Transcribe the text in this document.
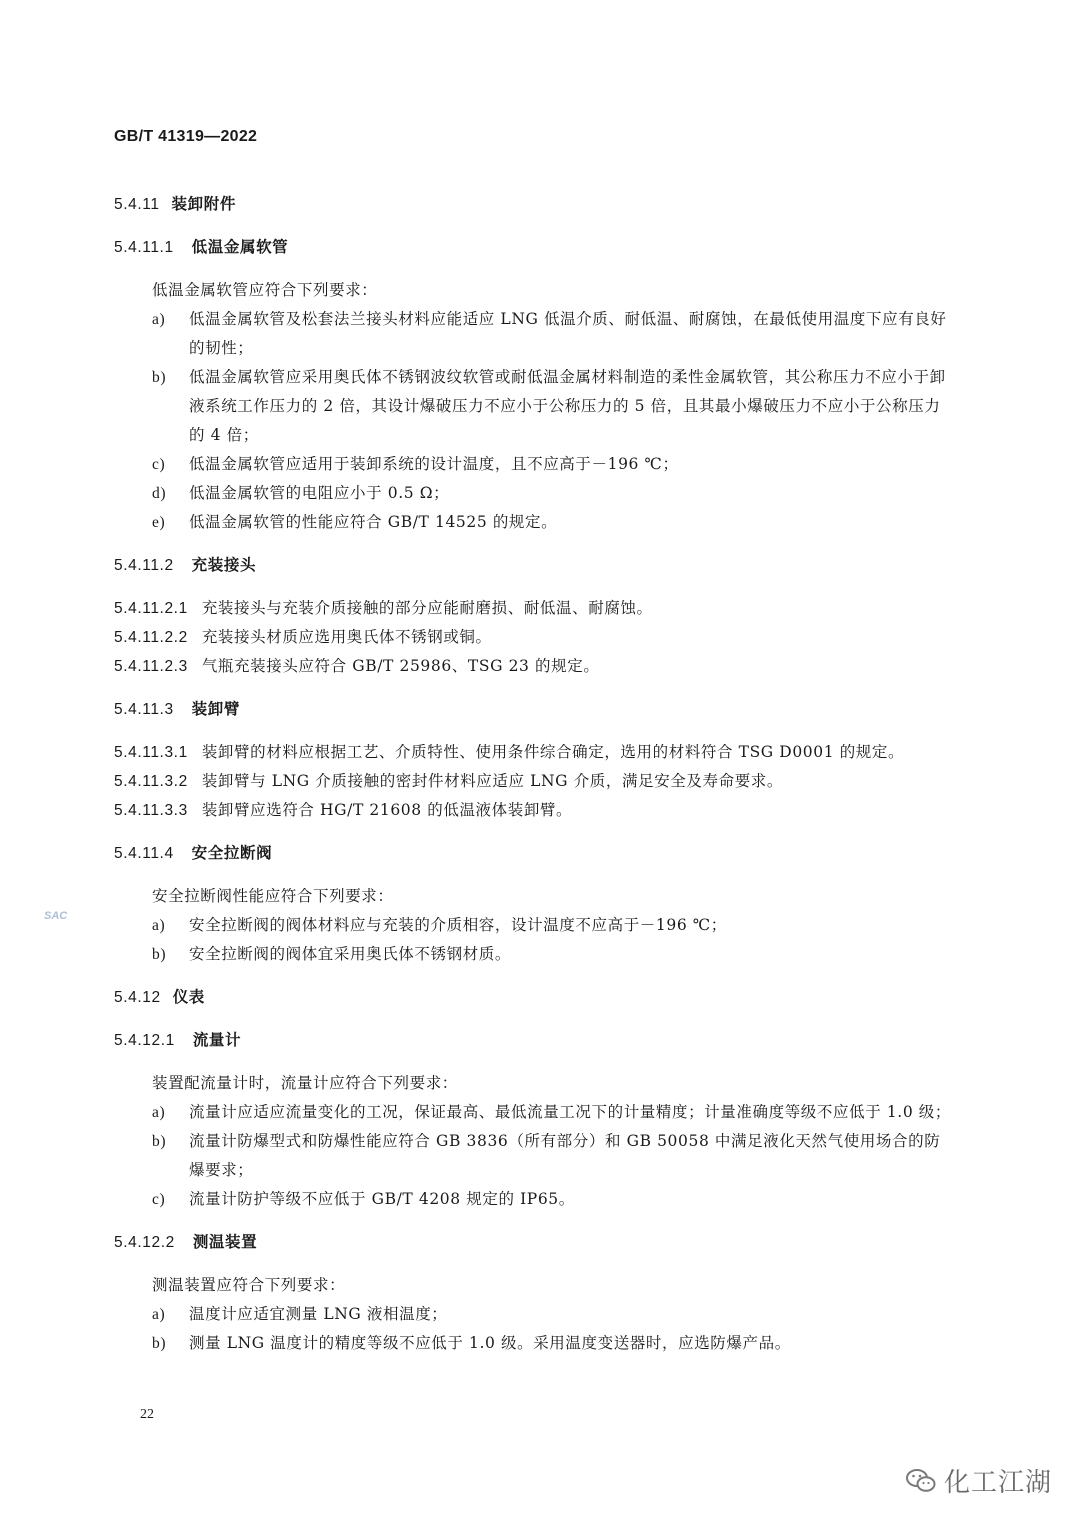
GB/T 41319—2022
SAC
5.4.11 装卸附件
5.4.11.1 低温金属软管

低温金属软管应符合下列要求：

a) 低温金属软管及松套法兰接头材料应能适应 LNG 低温介质、耐低温、耐腐蚀，在最低使用温度下应有良好的韧性；

b) 低温金属软管应采用奥氏体不锈钢波纹软管或耐低温金属材料制造的柔性金属软管，其公称压力不应小于卸液系统工作压力的 2 倍，其设计爆破压力不应小于公称压力的 5 倍，且其最小爆破压力不应小于公称压力的 4 倍；

c) 低温金属软管应适用于装卸系统的设计温度，且不应高于－196 ℃；

d) 低温金属软管的电阻应小于 0.5 Ω；

e) 低温金属软管的性能应符合 GB/T 14525 的规定。

5.4.11.2 充装接头

5.4.11.2.1 充装接头与充装介质接触的部分应能耐磨损、耐低温、耐腐蚀。

5.4.11.2.2 充装接头材质应选用奥氏体不锈钢或铜。

5.4.11.2.3 气瓶充装接头应符合 GB/T 25986、TSG 23 的规定。

5.4.11.3 装卸臂

5.4.11.3.1 装卸臂的材料应根据工艺、介质特性、使用条件综合确定，选用的材料符合 TSG D0001 的规定。

5.4.11.3.2 装卸臂与 LNG 介质接触的密封件材料应适应 LNG 介质，满足安全及寿命要求。

5.4.11.3.3 装卸臂应选符合 HG/T 21608 的低温液体装卸臂。

5.4.11.4 安全拉断阀

安全拉断阀性能应符合下列要求：

a) 安全拉断阀的阀体材料应与充装的介质相容，设计温度不应高于－196 ℃；

b) 安全拉断阀的阀体宜采用奥氏体不锈钢材质。

5.4.12 仪表
5.4.12.1 流量计

装置配流量计时，流量计应符合下列要求：

a) 流量计应适应流量变化的工况，保证最高、最低流量工况下的计量精度；计量准确度等级不应低于 1.0 级；

b) 流量计防爆型式和防爆性能应符合 GB 3836（所有部分）和 GB 50058 中满足液化天然气使用场合的防爆要求；

c) 流量计防护等级不应低于 GB/T 4208 规定的 IP65。

5.4.12.2 测温装置

测温装置应符合下列要求：

a) 温度计应适宜测量 LNG 液相温度；

b) 测量 LNG 温度计的精度等级不应低于 1.0 级。采用温度变送器时，应选防爆产品。

22
化工江湖
